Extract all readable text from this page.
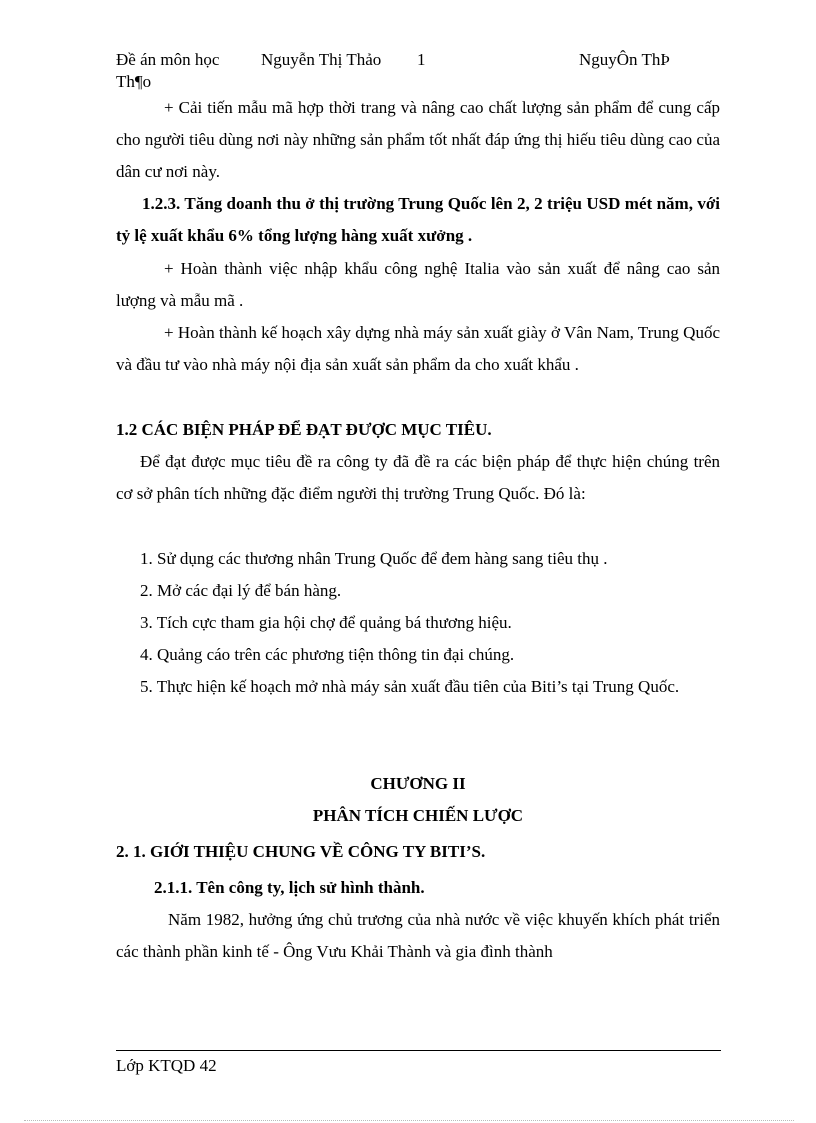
Đề án môn học Nguyễn Thị Thảo 1	NguyÔn ThÞ
Th¶o

+ Cải tiến mẫu mã hợp thời trang và nâng cao chất lượng sản phẩm để cung cấp cho người tiêu dùng nơi này những sản phẩm tốt nhất đáp ứng thị hiếu tiêu dùng cao của dân cư nơi này.

1.2.3. Tăng doanh thu ở thị trường Trung Quốc lên 2, 2 triệu USD mét năm, với tỷ lệ xuất khẩu 6% tổng lượng hàng xuất xưởng .

+ Hoàn thành việc nhập khẩu công nghệ Italia vào sản xuất để nâng cao sản lượng và mẫu mã .

+ Hoàn thành kế hoạch xây dựng nhà máy sản xuất giày ở Vân Nam, Trung Quốc và đầu tư vào nhà máy nội địa sản xuất sản phẩm da cho xuất khẩu .

1.2 CÁC BIỆN PHÁP ĐỂ ĐẠT ĐƯỢC MỤC TIÊU.

Để đạt được mục tiêu đề ra công ty đã đề ra các biện pháp để thực hiện chúng trên cơ sở phân tích những đặc điểm người thị trường Trung Quốc. Đó là:

1. Sử dụng các thương nhân Trung Quốc để đem hàng sang tiêu thụ .

2. Mở các đại lý để bán hàng.

3. Tích cực tham gia hội chợ để quảng bá thương hiệu.

4. Quảng cáo trên các phương tiện thông tin đại chúng.

5. Thực hiện kế hoạch mở nhà máy sản xuất đầu tiên của Biti’s tại Trung Quốc.

CHƯƠNG II

PHÂN TÍCH CHIẾN LƯỢC

2. 1. GIỚI THIỆU CHUNG VỀ CÔNG TY BITI’S.

2.1.1. Tên công ty, lịch sử hình thành.

Năm 1982, hưởng ứng chủ trương của nhà nước về việc khuyến khích phát triển các thành phần kinh tế - Ông Vưu Khải Thành và gia đình thành

Lớp KTQD 42
